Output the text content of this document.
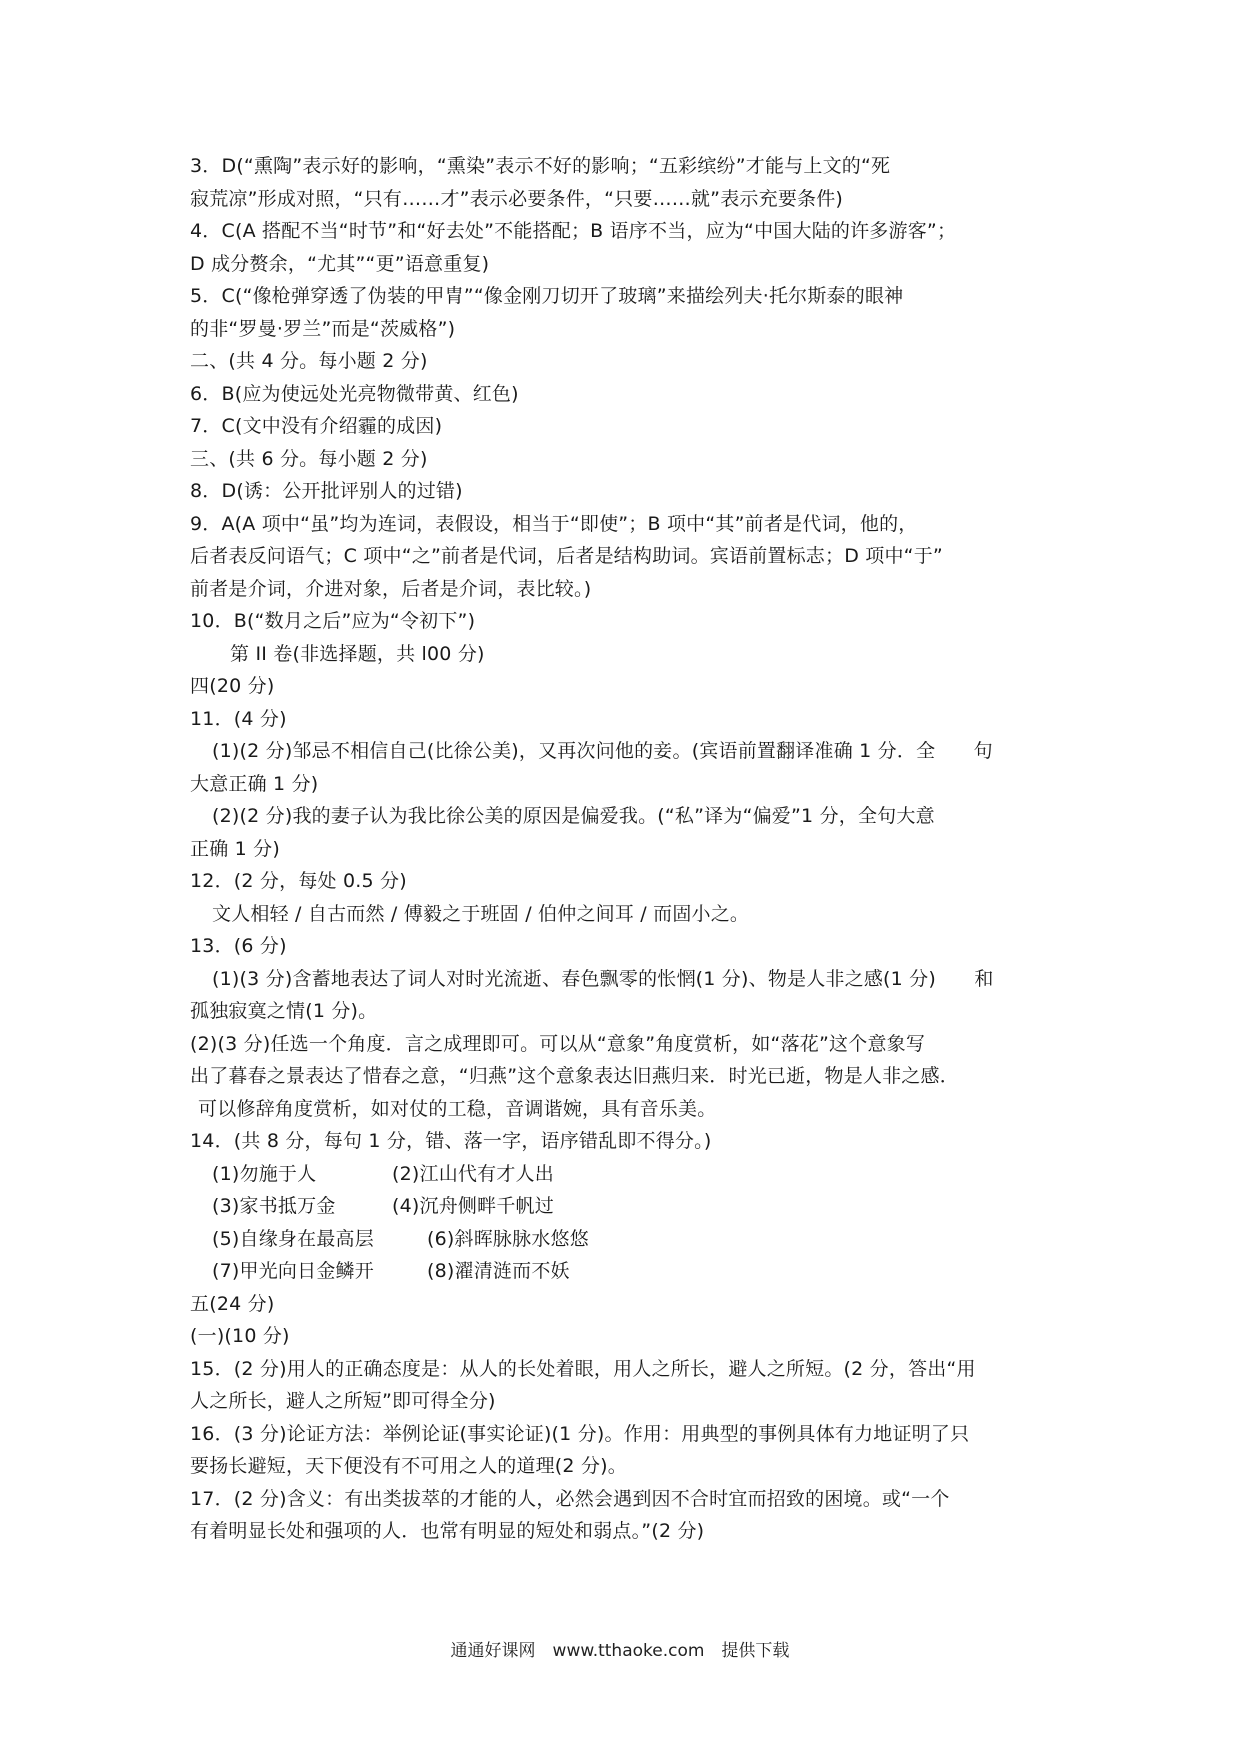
3．D(“熏陶”表示好的影响，“熏染”表示不好的影响；“五彩缤纷”才能与上文的“死
寂荒凉”形成对照，“只有……才”表示必要条件，“只要……就”表示充要条件)
4．C(A 搭配不当“时节”和“好去处”不能搭配；B 语序不当，应为“中国大陆的许多游客”；
D 成分赘余，“尤其”“更”语意重复)
5．C(“像枪弹穿透了伪装的甲胄”“像金刚刀切开了玻璃”来描绘列夫·托尔斯泰的眼神
的非“罗曼·罗兰”而是“茨威格”)
二、(共 4 分。每小题 2 分)
6．B(应为使远处光亮物微带黄、红色)
7．C(文中没有介绍霾的成因)
三、(共 6 分。每小题 2 分)
8．D(诱：公开批评别人的过错)
9．A(A 项中“虽”均为连词，表假设，相当于“即使”；B 项中“其”前者是代词，他的，
后者表反问语气；C 项中“之”前者是代词，后者是结构助词。宾语前置标志；D 项中“于”
前者是介词，介进对象，后者是介词，表比较。)
10．B(“数月之后”应为“令初下”)
第 II 卷(非选择题，共 l00 分)
四(20 分)
11．(4 分)
(1)(2 分)邹忌不相信自己(比徐公美)，又再次问他的妾。(宾语前置翻译准确 1 分．全　　句
大意正确 1 分)
(2)(2 分)我的妻子认为我比徐公美的原因是偏爱我。(“私”译为“偏爱”1 分，全句大意
正确 1 分)
12．(2 分，每处 0.5 分)
文人相轻 / 自古而然 / 傅毅之于班固 / 伯仲之间耳 / 而固小之。
13．(6 分)
(1)(3 分)含蓄地表达了词人对时光流逝、春色飘零的怅惘(1 分)、物是人非之感(1 分)　　和
孤独寂寞之情(1 分)。
(2)(3 分)任选一个角度．言之成理即可。可以从“意象”角度赏析，如“落花”这个意象写
出了暮春之景表达了惜春之意，“归燕”这个意象表达旧燕归来．时光已逝，物是人非之感．
可以修辞角度赏析，如对仗的工稳，音调谐婉，具有音乐美。
14．(共 8 分，每句 1 分，错、落一字，语序错乱即不得分。)
(1)勿施于人	(2)江山代有才人出
(3)家书抵万金	(4)沉舟侧畔千帆过
(5)自缘身在最高层	(6)斜晖脉脉水悠悠
(7)甲光向日金鳞开	(8)濯清涟而不妖
五(24 分)
(一)(10 分)
15．(2 分)用人的正确态度是：从人的长处着眼，用人之所长，避人之所短。(2 分，答出“用
人之所长，避人之所短”即可得全分)
16．(3 分)论证方法：举例论证(事实论证)(1 分)。作用：用典型的事例具体有力地证明了只
要扬长避短，天下便没有不可用之人的道理(2 分)。
17．(2 分)含义：有出类拔萃的才能的人，必然会遇到因不合时宜而招致的困境。或“一个
有着明显长处和强项的人．也常有明显的短处和弱点。”(2 分)
通通好课网　www.tthaoke.com　提供下载
